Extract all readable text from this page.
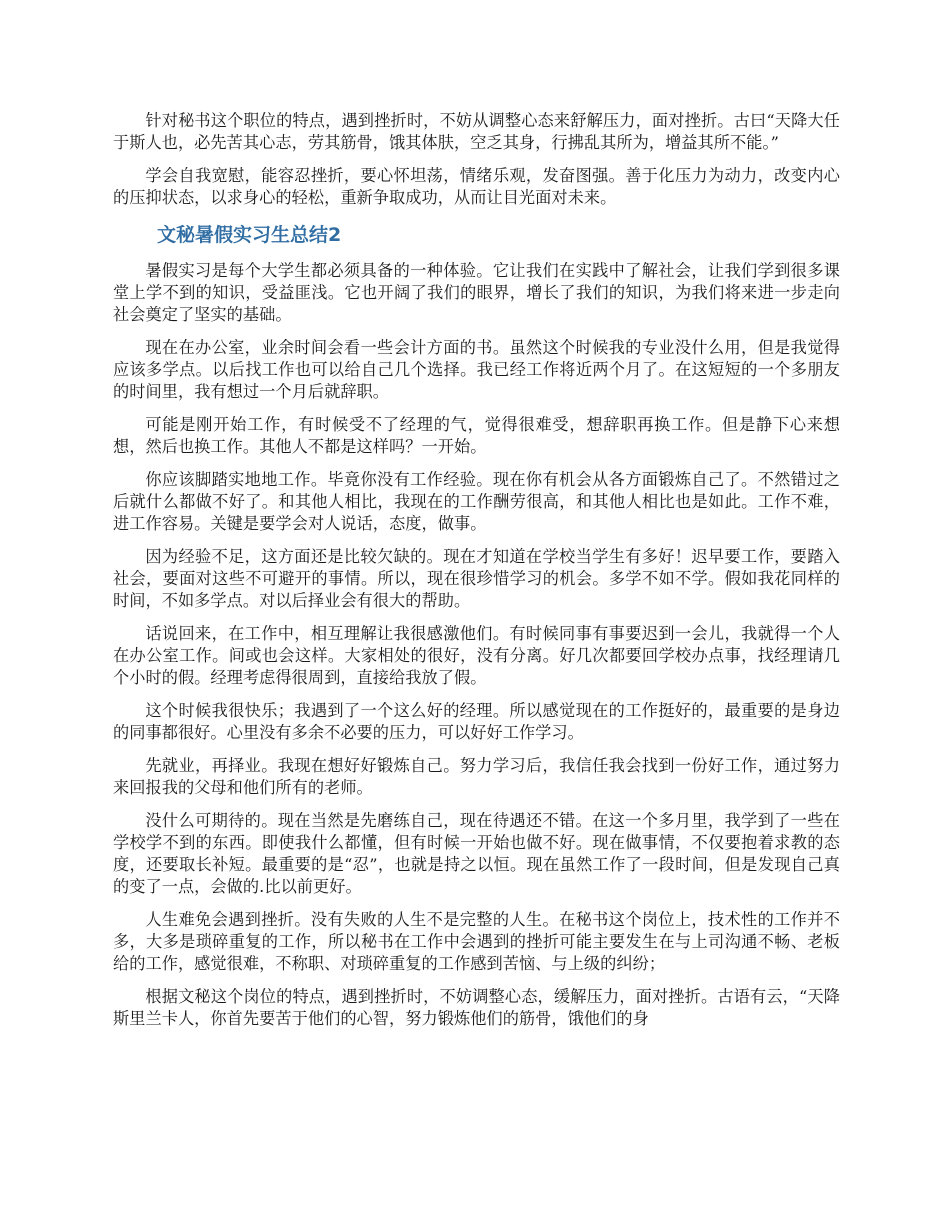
针对秘书这个职位的特点，遇到挫折时，不妨从调整心态来舒解压力，面对挫折。古曰“天降大任于斯人也，必先苦其心志，劳其筋骨，饿其体肤，空乏其身，行拂乱其所为，增益其所不能。”

学会自我宽慰，能容忍挫折，要心怀坦荡，情绪乐观，发奋图强。善于化压力为动力，改变内心的压抑状态，以求身心的轻松，重新争取成功，从而让目光面对未来。

文秘暑假实习生总结2

暑假实习是每个大学生都必须具备的一种体验。它让我们在实践中了解社会，让我们学到很多课堂上学不到的知识，受益匪浅。它也开阔了我们的眼界，增长了我们的知识，为我们将来进一步走向社会奠定了坚实的基础。

现在在办公室，业余时间会看一些会计方面的书。虽然这个时候我的专业没什么用，但是我觉得应该多学点。以后找工作也可以给自己几个选择。我已经工作将近两个月了。在这短短的一个多朋友的时间里，我有想过一个月后就辞职。

可能是刚开始工作，有时候受不了经理的气，觉得很难受，想辞职再换工作。但是静下心来想想，然后也换工作。其他人不都是这样吗？一开始。

你应该脚踏实地地工作。毕竟你没有工作经验。现在你有机会从各方面锻炼自己了。不然错过之后就什么都做不好了。和其他人相比，我现在的工作酬劳很高，和其他人相比也是如此。工作不难，进工作容易。关键是要学会对人说话，态度，做事。

因为经验不足，这方面还是比较欠缺的。现在才知道在学校当学生有多好！迟早要工作，要踏入社会，要面对这些不可避开的事情。所以，现在很珍惜学习的机会。多学不如不学。假如我花同样的时间，不如多学点。对以后择业会有很大的帮助。

话说回来，在工作中，相互理解让我很感激他们。有时候同事有事要迟到一会儿，我就得一个人在办公室工作。间或也会这样。大家相处的很好，没有分离。好几次都要回学校办点事，找经理请几个小时的假。经理考虑得很周到，直接给我放了假。

这个时候我很快乐；我遇到了一个这么好的经理。所以感觉现在的工作挺好的，最重要的是身边的同事都很好。心里没有多余不必要的压力，可以好好工作学习。

先就业，再择业。我现在想好好锻炼自己。努力学习后，我信任我会找到一份好工作，通过努力来回报我的父母和他们所有的老师。

没什么可期待的。现在当然是先磨练自己，现在待遇还不错。在这一个多月里，我学到了一些在学校学不到的东西。即使我什么都懂，但有时候一开始也做不好。现在做事情，不仅要抱着求教的态度，还要取长补短。最重要的是“忍”，也就是持之以恒。现在虽然工作了一段时间，但是发现自己真的变了一点，会做的.比以前更好。

人生难免会遇到挫折。没有失败的人生不是完整的人生。在秘书这个岗位上，技术性的工作并不多，大多是琐碎重复的工作，所以秘书在工作中会遇到的挫折可能主要发生在与上司沟通不畅、老板给的工作，感觉很难，不称职、对琐碎重复的工作感到苦恼、与上级的纠纷；

根据文秘这个岗位的特点，遇到挫折时，不妨调整心态，缓解压力，面对挫折。古语有云，“天降斯里兰卡人，你首先要苦于他们的心智，努力锻炼他们的筋骨，饿他们的身
